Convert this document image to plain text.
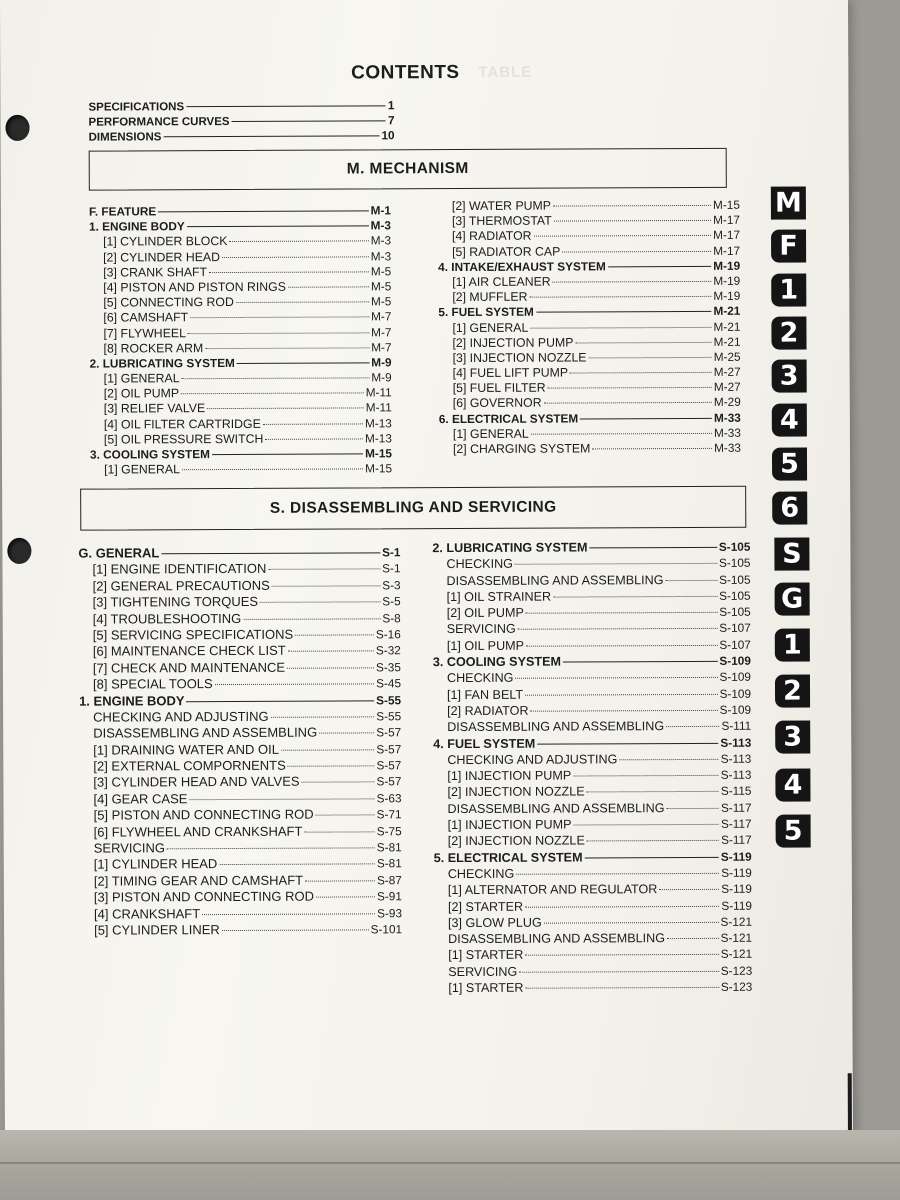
TABLE
CONTENTS
SPECIFICATIONS	1
PERFORMANCE CURVES	7
DIMENSIONS	10
M. MECHANISM
F. FEATURE	M-1
1. ENGINE BODY	M-3
[1] CYLINDER BLOCK	M-3
[2] CYLINDER HEAD	M-3
[3] CRANK SHAFT	M-5
[4] PISTON AND PISTON RINGS	M-5
[5] CONNECTING ROD	M-5
[6] CAMSHAFT	M-7
[7] FLYWHEEL	M-7
[8] ROCKER ARM	M-7
2. LUBRICATING SYSTEM	M-9
[1] GENERAL	M-9
[2] OIL PUMP	M-11
[3] RELIEF VALVE	M-11
[4] OIL FILTER CARTRIDGE	M-13
[5] OIL PRESSURE SWITCH	M-13
3. COOLING SYSTEM	M-15
[1] GENERAL	M-15
[2] WATER PUMP	M-15
[3] THERMOSTAT	M-17
[4] RADIATOR	M-17
[5] RADIATOR CAP	M-17
4. INTAKE/EXHAUST SYSTEM	M-19
[1] AIR CLEANER	M-19
[2] MUFFLER	M-19
5. FUEL SYSTEM	M-21
[1] GENERAL	M-21
[2] INJECTION PUMP	M-21
[3] INJECTION NOZZLE	M-25
[4] FUEL LIFT PUMP	M-27
[5] FUEL FILTER	M-27
[6] GOVERNOR	M-29
6. ELECTRICAL SYSTEM	M-33
[1] GENERAL	M-33
[2] CHARGING SYSTEM	M-33
S. DISASSEMBLING AND SERVICING
G. GENERAL	S-1
[1] ENGINE IDENTIFICATION	S-1
[2] GENERAL PRECAUTIONS	S-3
[3] TIGHTENING TORQUES	S-5
[4] TROUBLESHOOTING	S-8
[5] SERVICING SPECIFICATIONS	S-16
[6] MAINTENANCE CHECK LIST	S-32
[7] CHECK AND MAINTENANCE	S-35
[8] SPECIAL TOOLS	S-45
1. ENGINE BODY	S-55
CHECKING AND ADJUSTING	S-55
DISASSEMBLING AND ASSEMBLING	S-57
[1] DRAINING WATER AND OIL	S-57
[2] EXTERNAL COMPORNENTS	S-57
[3] CYLINDER HEAD AND VALVES	S-57
[4] GEAR CASE	S-63
[5] PISTON AND CONNECTING ROD	S-71
[6] FLYWHEEL AND CRANKSHAFT	S-75
SERVICING	S-81
[1] CYLINDER HEAD	S-81
[2] TIMING GEAR AND CAMSHAFT	S-87
[3] PISTON AND CONNECTING ROD	S-91
[4] CRANKSHAFT	S-93
[5] CYLINDER LINER	S-101
2. LUBRICATING SYSTEM	S-105
CHECKING	S-105
DISASSEMBLING AND ASSEMBLING	S-105
[1] OIL STRAINER	S-105
[2] OIL PUMP	S-105
SERVICING	S-107
[1] OIL PUMP	S-107
3. COOLING SYSTEM	S-109
CHECKING	S-109
[1] FAN BELT	S-109
[2] RADIATOR	S-109
DISASSEMBLING AND ASSEMBLING	S-111
4. FUEL SYSTEM	S-113
CHECKING AND ADJUSTING	S-113
[1] INJECTION PUMP	S-113
[2] INJECTION NOZZLE	S-115
DISASSEMBLING AND ASSEMBLING	S-117
[1] INJECTION PUMP	S-117
[2] INJECTION NOZZLE	S-117
5. ELECTRICAL SYSTEM	S-119
CHECKING	S-119
[1] ALTERNATOR AND REGULATOR	S-119
[2] STARTER	S-119
[3] GLOW PLUG	S-121
DISASSEMBLING AND ASSEMBLING	S-121
[1] STARTER	S-121
SERVICING	S-123
[1] STARTER	S-123
M
F
1
2
3
4
5
6
S
G
1
2
3
4
5
